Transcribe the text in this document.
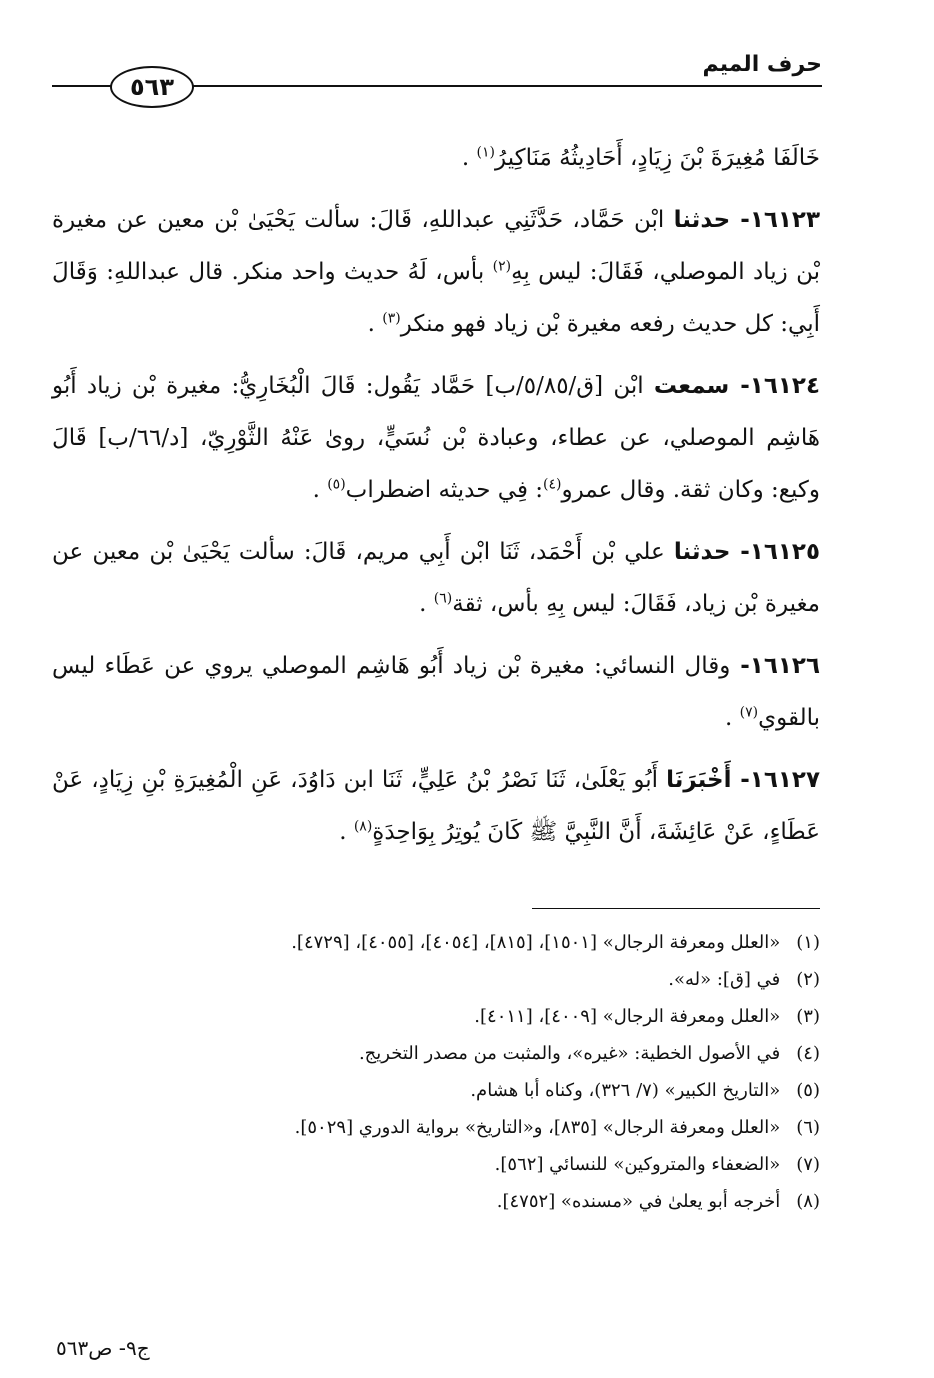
حرف الميم
٥٦٣

خَالَفَا مُغِيرَةَ بْنَ زِيَادٍ، أَحَادِيثُهُ مَنَاكِيرُ$^{(١)}$ .

١٦١٢٣- حدثنا ابْن حَمَّاد، حَدَّثَنِي عبداللهِ، قَالَ: سألت يَحْيَىٰ بْن معين عن مغيرة بْن زياد الموصلي، فَقَالَ: ليس بِهِ$^{(٢)}$ بأس، لَهُ حديث واحد منكر. قال عبداللهِ: وَقَالَ أَبِي: كل حديث رفعه مغيرة بْن زياد فهو منكر$^{(٣)}$ .

١٦١٢٤- سمعت ابْن [ق/٥/٨٥/ب] حَمَّاد يَقُول: قَالَ الْبُخَارِيُّ: مغيرة بْن زياد أَبُو هَاشِم الموصلي، عن عطاء، وعبادة بْن نُسَيٍّ، روىٰ عَنْهُ الثَّوْرِيّ، [د/٦٦/ب] قَالَ وكيع: وكان ثقة. وقال عمرو$^{(٤)}$: فِي حديثه اضطراب$^{(٥)}$ .

١٦١٢٥- حدثنا علي بْن أَحْمَد، ثَنَا ابْن أَبِي مريم، قَالَ: سألت يَحْيَىٰ بْن معين عن مغيرة بْن زياد، فَقَالَ: ليس بِهِ بأس، ثقة$^{(٦)}$ .

١٦١٢٦- وقال النسائي: مغيرة بْن زياد أَبُو هَاشِم الموصلي يروي عن عَطَاء ليس بالقوي$^{(٧)}$ .

١٦١٢٧- أَخْبَرَنَا أَبُو يَعْلَىٰ، ثَنَا نَصْرُ بْنُ عَلِيٍّ، ثَنَا ابن دَاوُدَ، عَنِ الْمُغِيرَةِ بْنِ زِيَادٍ، عَنْ عَطَاءٍ، عَنْ عَائِشَةَ، أَنَّ النَّبِيَّ ﷺ كَانَ يُوتِرُ بِوَاحِدَةٍ$^{(٨)}$ .

(١) «العلل ومعرفة الرجال» [١٥٠١]، [٨١٥]، [٤٠٥٤]، [٤٠٥٥]، [٤٧٢٩].

(٢) في [ق]: «له».

(٣) «العلل ومعرفة الرجال» [٤٠٠٩]، [٤٠١١].

(٤) في الأصول الخطية: «غيره»، والمثبت من مصدر التخريج.

(٥) «التاريخ الكبير» (٧/ ٣٢٦)، وكناه أبا هشام.

(٦) «العلل ومعرفة الرجال» [٨٣٥]، و«التاريخ» برواية الدوري [٥٠٢٩].

(٧) «الضعفاء والمتروكين» للنسائي [٥٦٢].

(٨) أخرجه أبو يعلىٰ في «مسنده» [٤٧٥٢].

ج٩- ص٥٦٣
